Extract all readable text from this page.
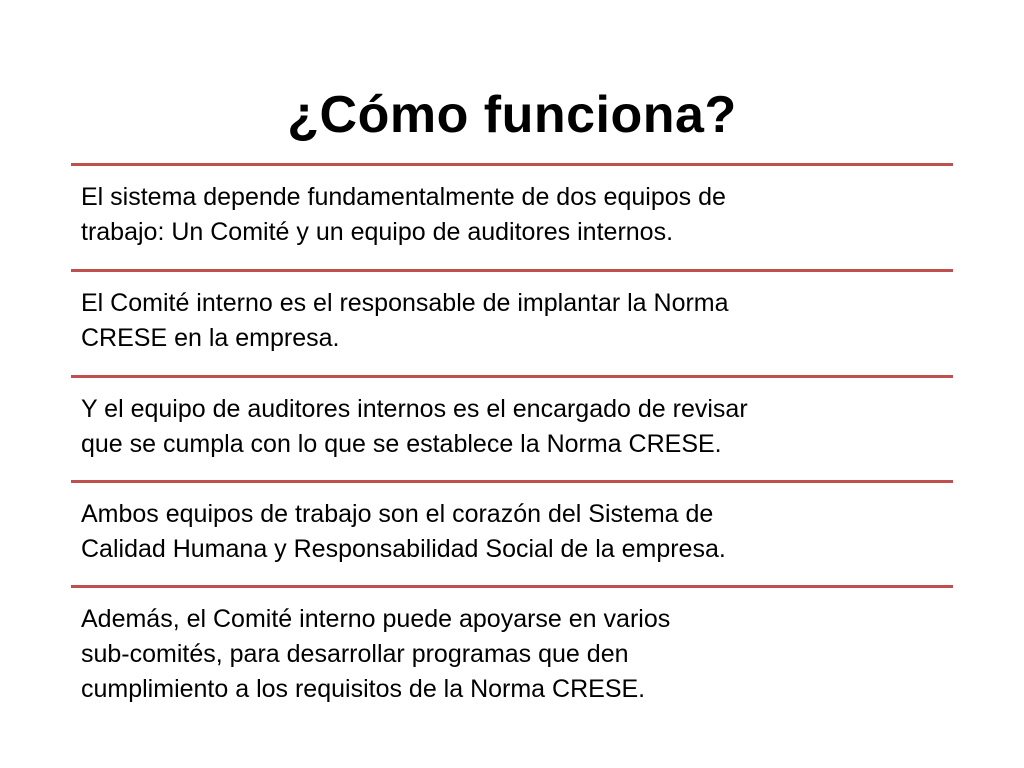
¿Cómo funciona?
El sistema depende fundamentalmente de dos equipos de
trabajo: Un Comité y un equipo de auditores internos.
El Comité interno es el responsable de implantar la Norma
CRESE en la empresa.
Y el equipo de auditores internos es el encargado de revisar
que se cumpla con lo que se establece la Norma CRESE.
Ambos equipos de trabajo son el corazón del Sistema de
Calidad Humana y Responsabilidad Social de la empresa.
Además, el Comité interno puede apoyarse en varios
sub-comités, para desarrollar programas que den
cumplimiento a los requisitos de la Norma CRESE.
